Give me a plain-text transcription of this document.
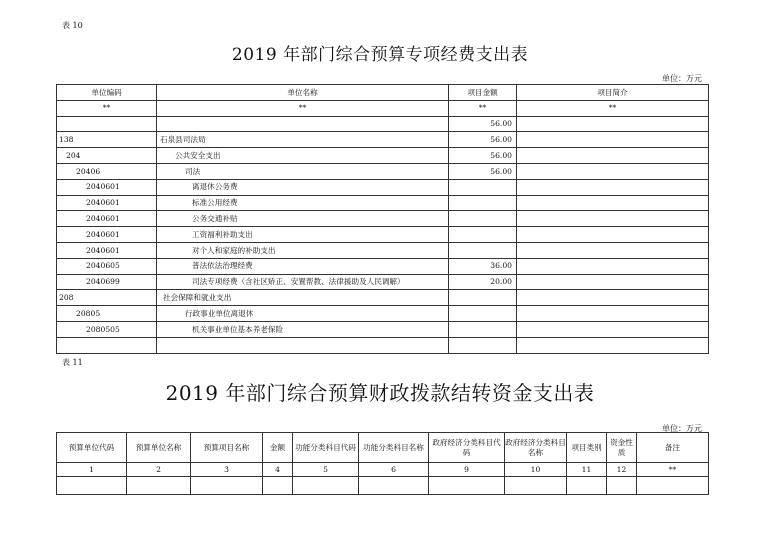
表 10
2019 年部门综合预算专项经费支出表
单位：万元
单位编码	单位名称	项目金额	项目简介
**	**	**	**
		56.00	
138	石泉县司法局	56.00	
204	公共安全支出	56.00	
20406	司法	56.00	
2040601	离退休公务费		
2040601	标准公用经费		
2040601	公务交通补贴		
2040601	工资福利补助支出		
2040601	对个人和家庭的补助支出		
2040605	普法依法治理经费	36.00	
2040699	司法专项经费（含社区矫正、安置帮教、法律援助及人民调解）	20.00	
208	社会保障和就业支出		
20805	行政事业单位离退休		
2080505	机关事业单位基本养老保险		

表 11
2019 年部门综合预算财政拨款结转资金支出表
单位：万元
预算单位代码	预算单位名称	预算项目名称	金额	功能分类科目代码	功能分类科目名称	政府经济分类科目代码	政府经济分类科目名称	项目类别	资金性质	备注
1	2	3	4	5	6	9	10	11	12	**
